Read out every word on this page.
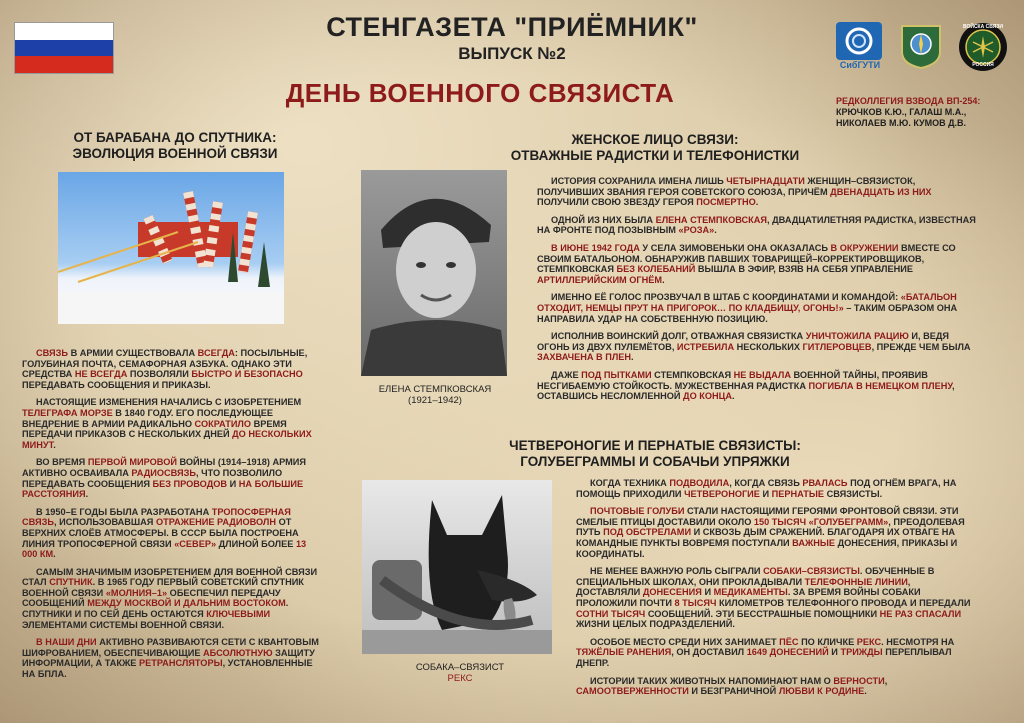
СТЕНГАЗЕТА "ПРИЁМНИК"
ВЫПУСК №2
ДЕНЬ ВОЕННОГО СВЯЗИСТА
СибГУТИ
ВОЙСКА СВЯЗИ
РОССИЯ
РЕДКОЛЛЕГИЯ ВЗВОДА ВП-254:
КРЮЧКОВ К.Ю., ГАЛАШ М.А.,
НИКОЛАЕВ М.Ю. КУМОВ Д.В.
ОТ БАРАБАНА ДО СПУТНИКА:
ЭВОЛЮЦИЯ ВОЕННОЙ СВЯЗИ

СВЯЗЬ В АРМИИ СУЩЕСТВОВАЛА ВСЕГДА: ПОСЫЛЬНЫЕ, ГОЛУБИНАЯ ПОЧТА, СЕМАФОРНАЯ АЗБУКА. ОДНАКО ЭТИ СРЕДСТВА НЕ ВСЕГДА ПОЗВОЛЯЛИ БЫСТРО И БЕЗОПАСНО ПЕРЕДАВАТЬ СООБЩЕНИЯ И ПРИКАЗЫ.

НАСТОЯЩИЕ ИЗМЕНЕНИЯ НАЧАЛИСЬ С ИЗОБРЕТЕНИЕМ ТЕЛЕГРАФА МОРЗЕ В 1840 ГОДУ. ЕГО ПОСЛЕДУЮЩЕЕ ВНЕДРЕНИЕ В АРМИИ РАДИКАЛЬНО СОКРАТИЛО ВРЕМЯ ПЕРЕДАЧИ ПРИКАЗОВ С НЕСКОЛЬКИХ ДНЕЙ ДО НЕСКОЛЬКИХ МИНУТ.

ВО ВРЕМЯ ПЕРВОЙ МИРОВОЙ ВОЙНЫ (1914–1918) АРМИЯ АКТИВНО ОСВАИВАЛА РАДИОСВЯЗЬ, ЧТО ПОЗВОЛИЛО ПЕРЕДАВАТЬ СООБЩЕНИЯ БЕЗ ПРОВОДОВ И НА БОЛЬШИЕ РАССТОЯНИЯ.

В 1950–Е ГОДЫ БЫЛА РАЗРАБОТАНА ТРОПОСФЕРНАЯ СВЯЗЬ, ИСПОЛЬЗОВАВШАЯ ОТРАЖЕНИЕ РАДИОВОЛН ОТ ВЕРХНИХ СЛОЁВ АТМОСФЕРЫ. В СССР БЫЛА ПОСТРОЕНА ЛИНИЯ ТРОПОСФЕРНОЙ СВЯЗИ «СЕВЕР» ДЛИНОЙ БОЛЕЕ 13 000 КМ.

САМЫМ ЗНАЧИМЫМ ИЗОБРЕТЕНИЕМ ДЛЯ ВОЕННОЙ СВЯЗИ СТАЛ СПУТНИК. В 1965 ГОДУ ПЕРВЫЙ СОВЕТСКИЙ СПУТНИК ВОЕННОЙ СВЯЗИ «МОЛНИЯ–1» ОБЕСПЕЧИЛ ПЕРЕДАЧУ СООБЩЕНИЙ МЕЖДУ МОСКВОЙ И ДАЛЬНИМ ВОСТОКОМ. СПУТНИКИ И ПО СЕЙ ДЕНЬ ОСТАЮТСЯ КЛЮЧЕВЫМИ ЭЛЕМЕНТАМИ СИСТЕМЫ ВОЕННОЙ СВЯЗИ.

В НАШИ ДНИ АКТИВНО РАЗВИВАЮТСЯ СЕТИ С КВАНТОВЫМ ШИФРОВАНИЕМ, ОБЕСПЕЧИВАЮЩИЕ АБСОЛЮТНУЮ ЗАЩИТУ ИНФОРМАЦИИ, А ТАКЖЕ РЕТРАНСЛЯТОРЫ, УСТАНОВЛЕННЫЕ НА БПЛА.

ЖЕНСКОЕ ЛИЦО СВЯЗИ:
ОТВАЖНЫЕ РАДИСТКИ И ТЕЛЕФОНИСТКИ
ЕЛЕНА СТЕМПКОВСКАЯ
(1921–1942)

ИСТОРИЯ СОХРАНИЛА ИМЕНА ЛИШЬ ЧЕТЫРНАДЦАТИ ЖЕНЩИН–СВЯЗИСТОК, ПОЛУЧИВШИХ ЗВАНИЯ ГЕРОЯ СОВЕТСКОГО СОЮЗА, ПРИЧЁМ ДВЕНАДЦАТЬ ИЗ НИХ ПОЛУЧИЛИ СВОЮ ЗВЕЗДУ ГЕРОЯ ПОСМЕРТНО.

ОДНОЙ ИЗ НИХ БЫЛА ЕЛЕНА СТЕМПКОВСКАЯ, ДВАДЦАТИЛЕТНЯЯ РАДИСТКА, ИЗВЕСТНАЯ НА ФРОНТЕ ПОД ПОЗЫВНЫМ «РОЗА».

В ИЮНЕ 1942 ГОДА У СЕЛА ЗИМОВЕНЬКИ ОНА ОКАЗАЛАСЬ В ОКРУЖЕНИИ ВМЕСТЕ СО СВОИМ БАТАЛЬОНОМ. ОБНАРУЖИВ ПАВШИХ ТОВАРИЩЕЙ–КОРРЕКТИРОВЩИКОВ, СТЕМПКОВСКАЯ БЕЗ КОЛЕБАНИЙ ВЫШЛА В ЭФИР, ВЗЯВ НА СЕБЯ УПРАВЛЕНИЕ АРТИЛЛЕРИЙСКИМ ОГНЁМ.

ИМЕННО ЕЁ ГОЛОС ПРОЗВУЧАЛ В ШТАБ С КООРДИНАТАМИ И КОМАНДОЙ: «БАТАЛЬОН ОТХОДИТ, НЕМЦЫ ПРУТ НА ПРИГОРОК… ПО КЛАДБИЩУ, ОГОНЬ!» – ТАКИМ ОБРАЗОМ ОНА НАПРАВИЛА УДАР НА СОБСТВЕННУЮ ПОЗИЦИЮ.

ИСПОЛНИВ ВОИНСКИЙ ДОЛГ, ОТВАЖНАЯ СВЯЗИСТКА УНИЧТОЖИЛА РАЦИЮ И, ВЕДЯ ОГОНЬ ИЗ ДВУХ ПУЛЕМЁТОВ, ИСТРЕБИЛА НЕСКОЛЬКИХ ГИТЛЕРОВЦЕВ, ПРЕЖДЕ ЧЕМ БЫЛА ЗАХВАЧЕНА В ПЛЕН.

ДАЖЕ ПОД ПЫТКАМИ СТЕМПКОВСКАЯ НЕ ВЫДАЛА ВОЕННОЙ ТАЙНЫ, ПРОЯВИВ НЕСГИБАЕМУЮ СТОЙКОСТЬ. МУЖЕСТВЕННАЯ РАДИСТКА ПОГИБЛА В НЕМЕЦКОМ ПЛЕНУ, ОСТАВШИСЬ НЕСЛОМЛЕННОЙ ДО КОНЦА.

ЧЕТВЕРОНОГИЕ И ПЕРНАТЫЕ СВЯЗИСТЫ:
ГОЛУБЕГРАММЫ И СОБАЧЬИ УПРЯЖКИ
СОБАКА–СВЯЗИСТ
РЕКС

КОГДА ТЕХНИКА ПОДВОДИЛА, КОГДА СВЯЗЬ РВАЛАСЬ ПОД ОГНЁМ ВРАГА, НА ПОМОЩЬ ПРИХОДИЛИ ЧЕТВЕРОНОГИЕ И ПЕРНАТЫЕ СВЯЗИСТЫ.

ПОЧТОВЫЕ ГОЛУБИ СТАЛИ НАСТОЯЩИМИ ГЕРОЯМИ ФРОНТОВОЙ СВЯЗИ. ЭТИ СМЕЛЫЕ ПТИЦЫ ДОСТАВИЛИ ОКОЛО 150 ТЫСЯЧ «ГОЛУБЕГРАММ», ПРЕОДОЛЕВАЯ ПУТЬ ПОД ОБСТРЕЛАМИ И СКВОЗЬ ДЫМ СРАЖЕНИЙ. БЛАГОДАРЯ ИХ ОТВАГЕ НА КОМАНДНЫЕ ПУНКТЫ ВОВРЕМЯ ПОСТУПАЛИ ВАЖНЫЕ ДОНЕСЕНИЯ, ПРИКАЗЫ И КООРДИНАТЫ.

НЕ МЕНЕЕ ВАЖНУЮ РОЛЬ СЫГРАЛИ СОБАКИ–СВЯЗИСТЫ. ОБУЧЕННЫЕ В СПЕЦИАЛЬНЫХ ШКОЛАХ, ОНИ ПРОКЛАДЫВАЛИ ТЕЛЕФОННЫЕ ЛИНИИ, ДОСТАВЛЯЛИ ДОНЕСЕНИЯ И МЕДИКАМЕНТЫ. ЗА ВРЕМЯ ВОЙНЫ СОБАКИ ПРОЛОЖИЛИ ПОЧТИ 8 ТЫСЯЧ КИЛОМЕТРОВ ТЕЛЕФОННОГО ПРОВОДА И ПЕРЕДАЛИ СОТНИ ТЫСЯЧ СООБЩЕНИЙ. ЭТИ БЕССТРАШНЫЕ ПОМОЩНИКИ НЕ РАЗ СПАСАЛИ ЖИЗНИ ЦЕЛЫХ ПОДРАЗДЕЛЕНИЙ.

ОСОБОЕ МЕСТО СРЕДИ НИХ ЗАНИМАЕТ ПЁС ПО КЛИЧКЕ РЕКС. НЕСМОТРЯ НА ТЯЖЁЛЫЕ РАНЕНИЯ, ОН ДОСТАВИЛ 1649 ДОНЕСЕНИЙ И ТРИЖДЫ ПЕРЕПЛЫВАЛ ДНЕПР.

ИСТОРИИ ТАКИХ ЖИВОТНЫХ НАПОМИНАЮТ НАМ О ВЕРНОСТИ, САМООТВЕРЖЕННОСТИ И БЕЗГРАНИЧНОЙ ЛЮБВИ К РОДИНЕ.
